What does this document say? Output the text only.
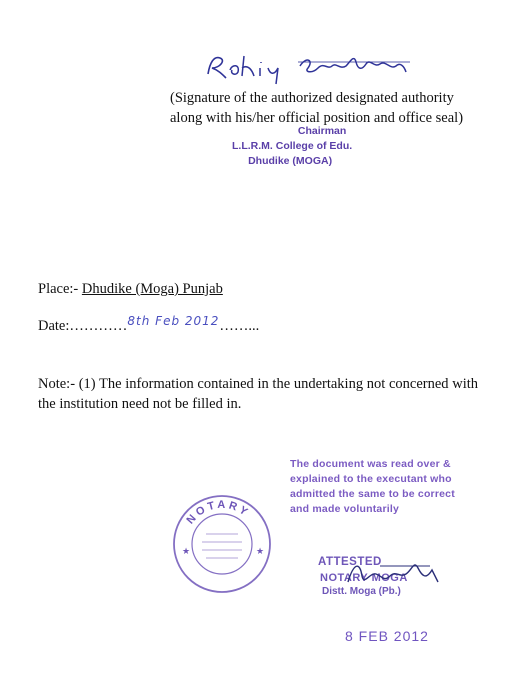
(Signature of the authorized designated authority
along with his/her official position and office seal)
Chairman
L.L.R.M. College of Edu.
Dhudike (MOGA)
Place:- Dhudike (Moga) Punjab
Date:…………$^{8th Feb 2012}$……...
Note:- (1) The information contained in the undertaking not concerned with the institution need not be filled in.
The document was read over &
explained to the executant who
admitted the same to be correct
and made voluntarily
NOTARY
★	★
ATTESTED
NOTARY MOGA
Distt. Moga (Pb.)
8 FEB 2012
